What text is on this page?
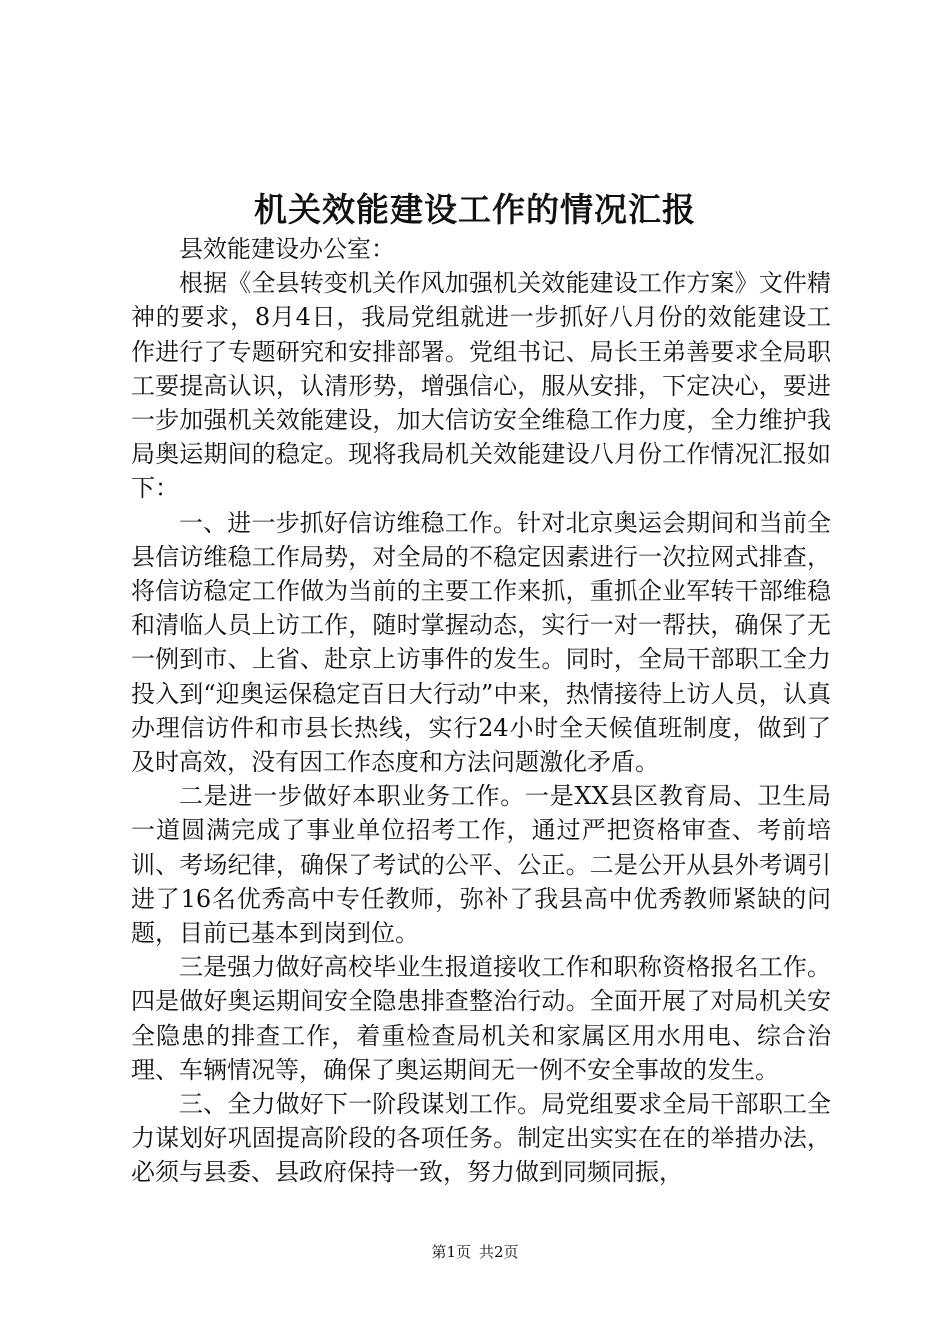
机关效能建设工作的情况汇报

县效能建设办公室：

根据《全县转变机关作风加强机关效能建设工作方案》文件精神的要求，8月4日，我局党组就进一步抓好八月份的效能建设工作进行了专题研究和安排部署。党组书记、局长王弟善要求全局职工要提高认识，认清形势，增强信心，服从安排，下定决心，要进一步加强机关效能建设，加大信访安全维稳工作力度，全力维护我局奥运期间的稳定。现将我局机关效能建设八月份工作情况汇报如下：

一、进一步抓好信访维稳工作。针对北京奥运会期间和当前全县信访维稳工作局势，对全局的不稳定因素进行一次拉网式排查，将信访稳定工作做为当前的主要工作来抓，重抓企业军转干部维稳和清临人员上访工作，随时掌握动态，实行一对一帮扶，确保了无一例到市、上省、赴京上访事件的发生。同时，全局干部职工全力投入到“迎奥运保稳定百日大行动”中来，热情接待上访人员，认真办理信访件和市县长热线，实行24小时全天候值班制度，做到了及时高效，没有因工作态度和方法问题激化矛盾。

二是进一步做好本职业务工作。一是XX县区教育局、卫生局一道圆满完成了事业单位招考工作，通过严把资格审查、考前培训、考场纪律，确保了考试的公平、公正。二是公开从县外考调引进了16名优秀高中专任教师，弥补了我县高中优秀教师紧缺的问题，目前已基本到岗到位。

三是强力做好高校毕业生报道接收工作和职称资格报名工作。四是做好奥运期间安全隐患排查整治行动。全面开展了对局机关安全隐患的排查工作，着重检查局机关和家属区用水用电、综合治理、车辆情况等，确保了奥运期间无一例不安全事故的发生。

三、全力做好下一阶段谋划工作。局党组要求全局干部职工全力谋划好巩固提高阶段的各项任务。制定出实实在在的举措办法，必须与县委、县政府保持一致，努力做到同频同振，

第1页 共2页
